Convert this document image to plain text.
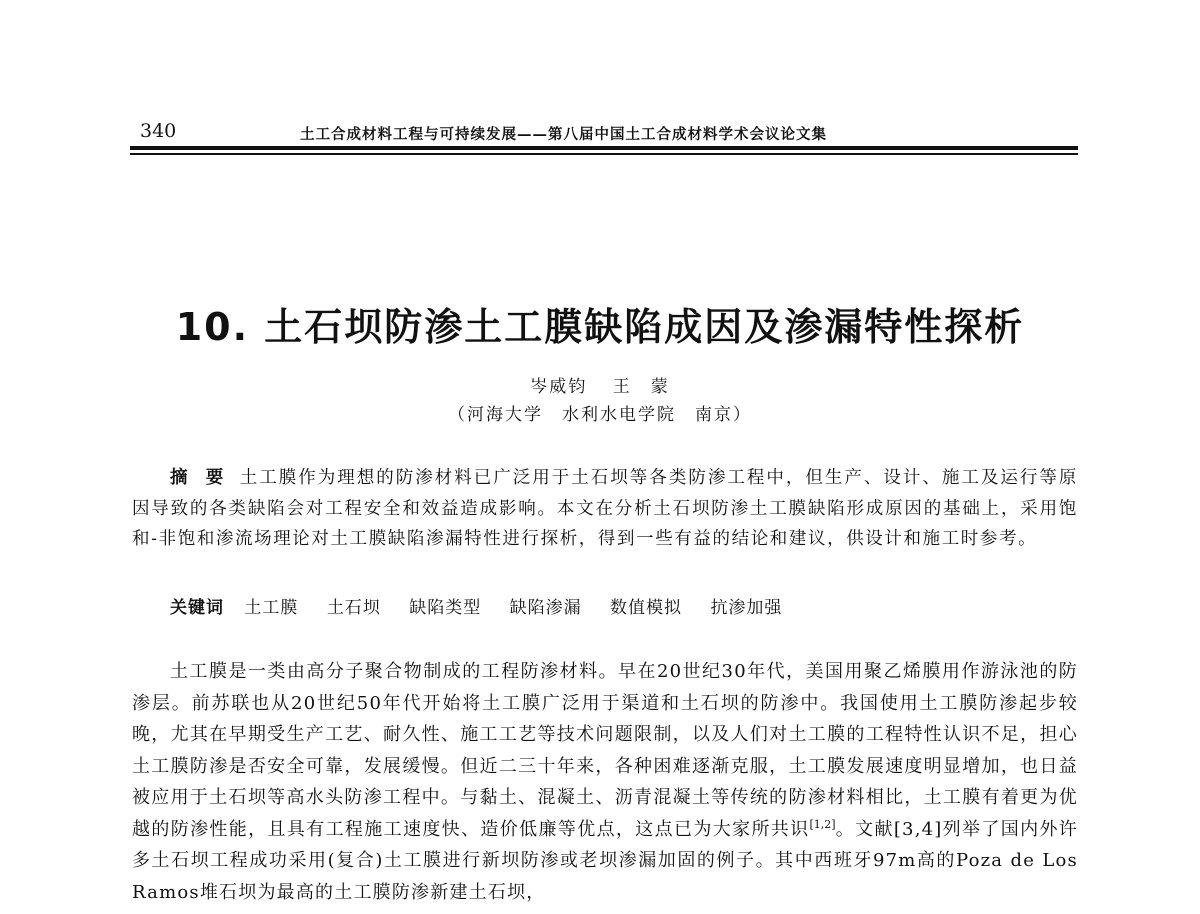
340	土工合成材料工程与可持续发展——第八届中国土工合成材料学术会议论文集
10. 土石坝防渗土工膜缺陷成因及渗漏特性探析
岑威钧 王　蒙
（河海大学　水利水电学院　南京）
摘　要 土工膜作为理想的防渗材料已广泛用于土石坝等各类防渗工程中，但生产、设计、施工及运行等原因导致的各类缺陷会对工程安全和效益造成影响。本文在分析土石坝防渗土工膜缺陷形成原因的基础上，采用饱和-非饱和渗流场理论对土工膜缺陷渗漏特性进行探析，得到一些有益的结论和建议，供设计和施工时参考。
关键词 土工膜 土石坝 缺陷类型 缺陷渗漏 数值模拟 抗渗加强
土工膜是一类由高分子聚合物制成的工程防渗材料。早在20世纪30年代，美国用聚乙烯膜用作游泳池的防渗层。前苏联也从20世纪50年代开始将土工膜广泛用于渠道和土石坝的防渗中。我国使用土工膜防渗起步较晚，尤其在早期受生产工艺、耐久性、施工工艺等技术问题限制，以及人们对土工膜的工程特性认识不足，担心土工膜防渗是否安全可靠，发展缓慢。但近二三十年来，各种困难逐渐克服，土工膜发展速度明显增加，也日益被应用于土石坝等高水头防渗工程中。与黏土、混凝土、沥青混凝土等传统的防渗材料相比，土工膜有着更为优越的防渗性能，且具有工程施工速度快、造价低廉等优点，这点已为大家所共识[1,2]。文献[3,4]列举了国内外许多土石坝工程成功采用(复合)土工膜进行新坝防渗或老坝渗漏加固的例子。其中西班牙97m高的Poza de Los Ramos堆石坝为最高的土工膜防渗新建土石坝，
